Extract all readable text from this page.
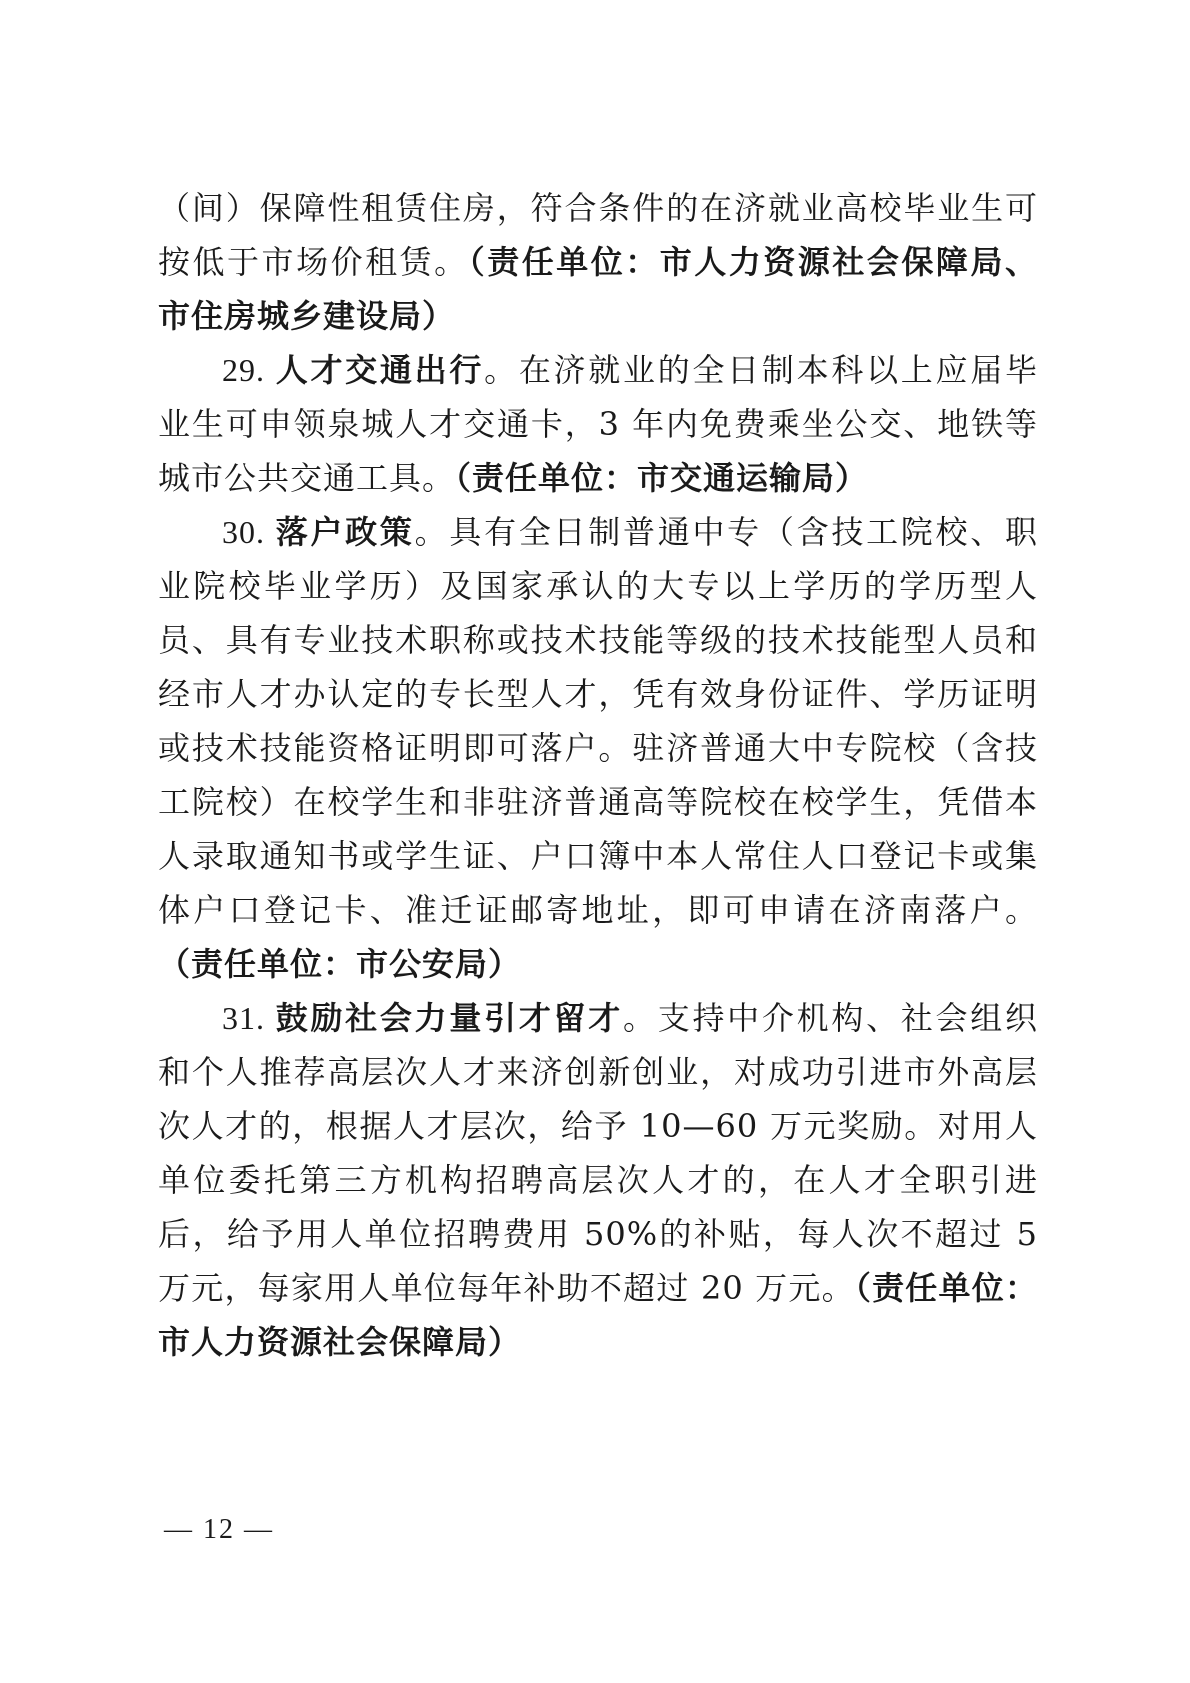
（间）保障性租赁住房，符合条件的在济就业高校毕业生可
按低于市场价租赁。（责任单位：市人力资源社会保障局、
市住房城乡建设局）
29. 人才交通出行。在济就业的全日制本科以上应届毕
业生可申领泉城人才交通卡，3 年内免费乘坐公交、地铁等
城市公共交通工具。（责任单位：市交通运输局）
30. 落户政策。具有全日制普通中专（含技工院校、职
业院校毕业学历）及国家承认的大专以上学历的学历型人
员、具有专业技术职称或技术技能等级的技术技能型人员和
经市人才办认定的专长型人才，凭有效身份证件、学历证明
或技术技能资格证明即可落户。驻济普通大中专院校（含技
工院校）在校学生和非驻济普通高等院校在校学生，凭借本
人录取通知书或学生证、户口簿中本人常住人口登记卡或集
体户口登记卡、准迁证邮寄地址，即可申请在济南落户。
（责任单位：市公安局）
31. 鼓励社会力量引才留才。支持中介机构、社会组织
和个人推荐高层次人才来济创新创业，对成功引进市外高层
次人才的，根据人才层次，给予 10—60 万元奖励。对用人
单位委托第三方机构招聘高层次人才的，在人才全职引进
后，给予用人单位招聘费用 50%的补贴，每人次不超过 5
万元，每家用人单位每年补助不超过 20 万元。（责任单位：
市人力资源社会保障局）
— 12 —
